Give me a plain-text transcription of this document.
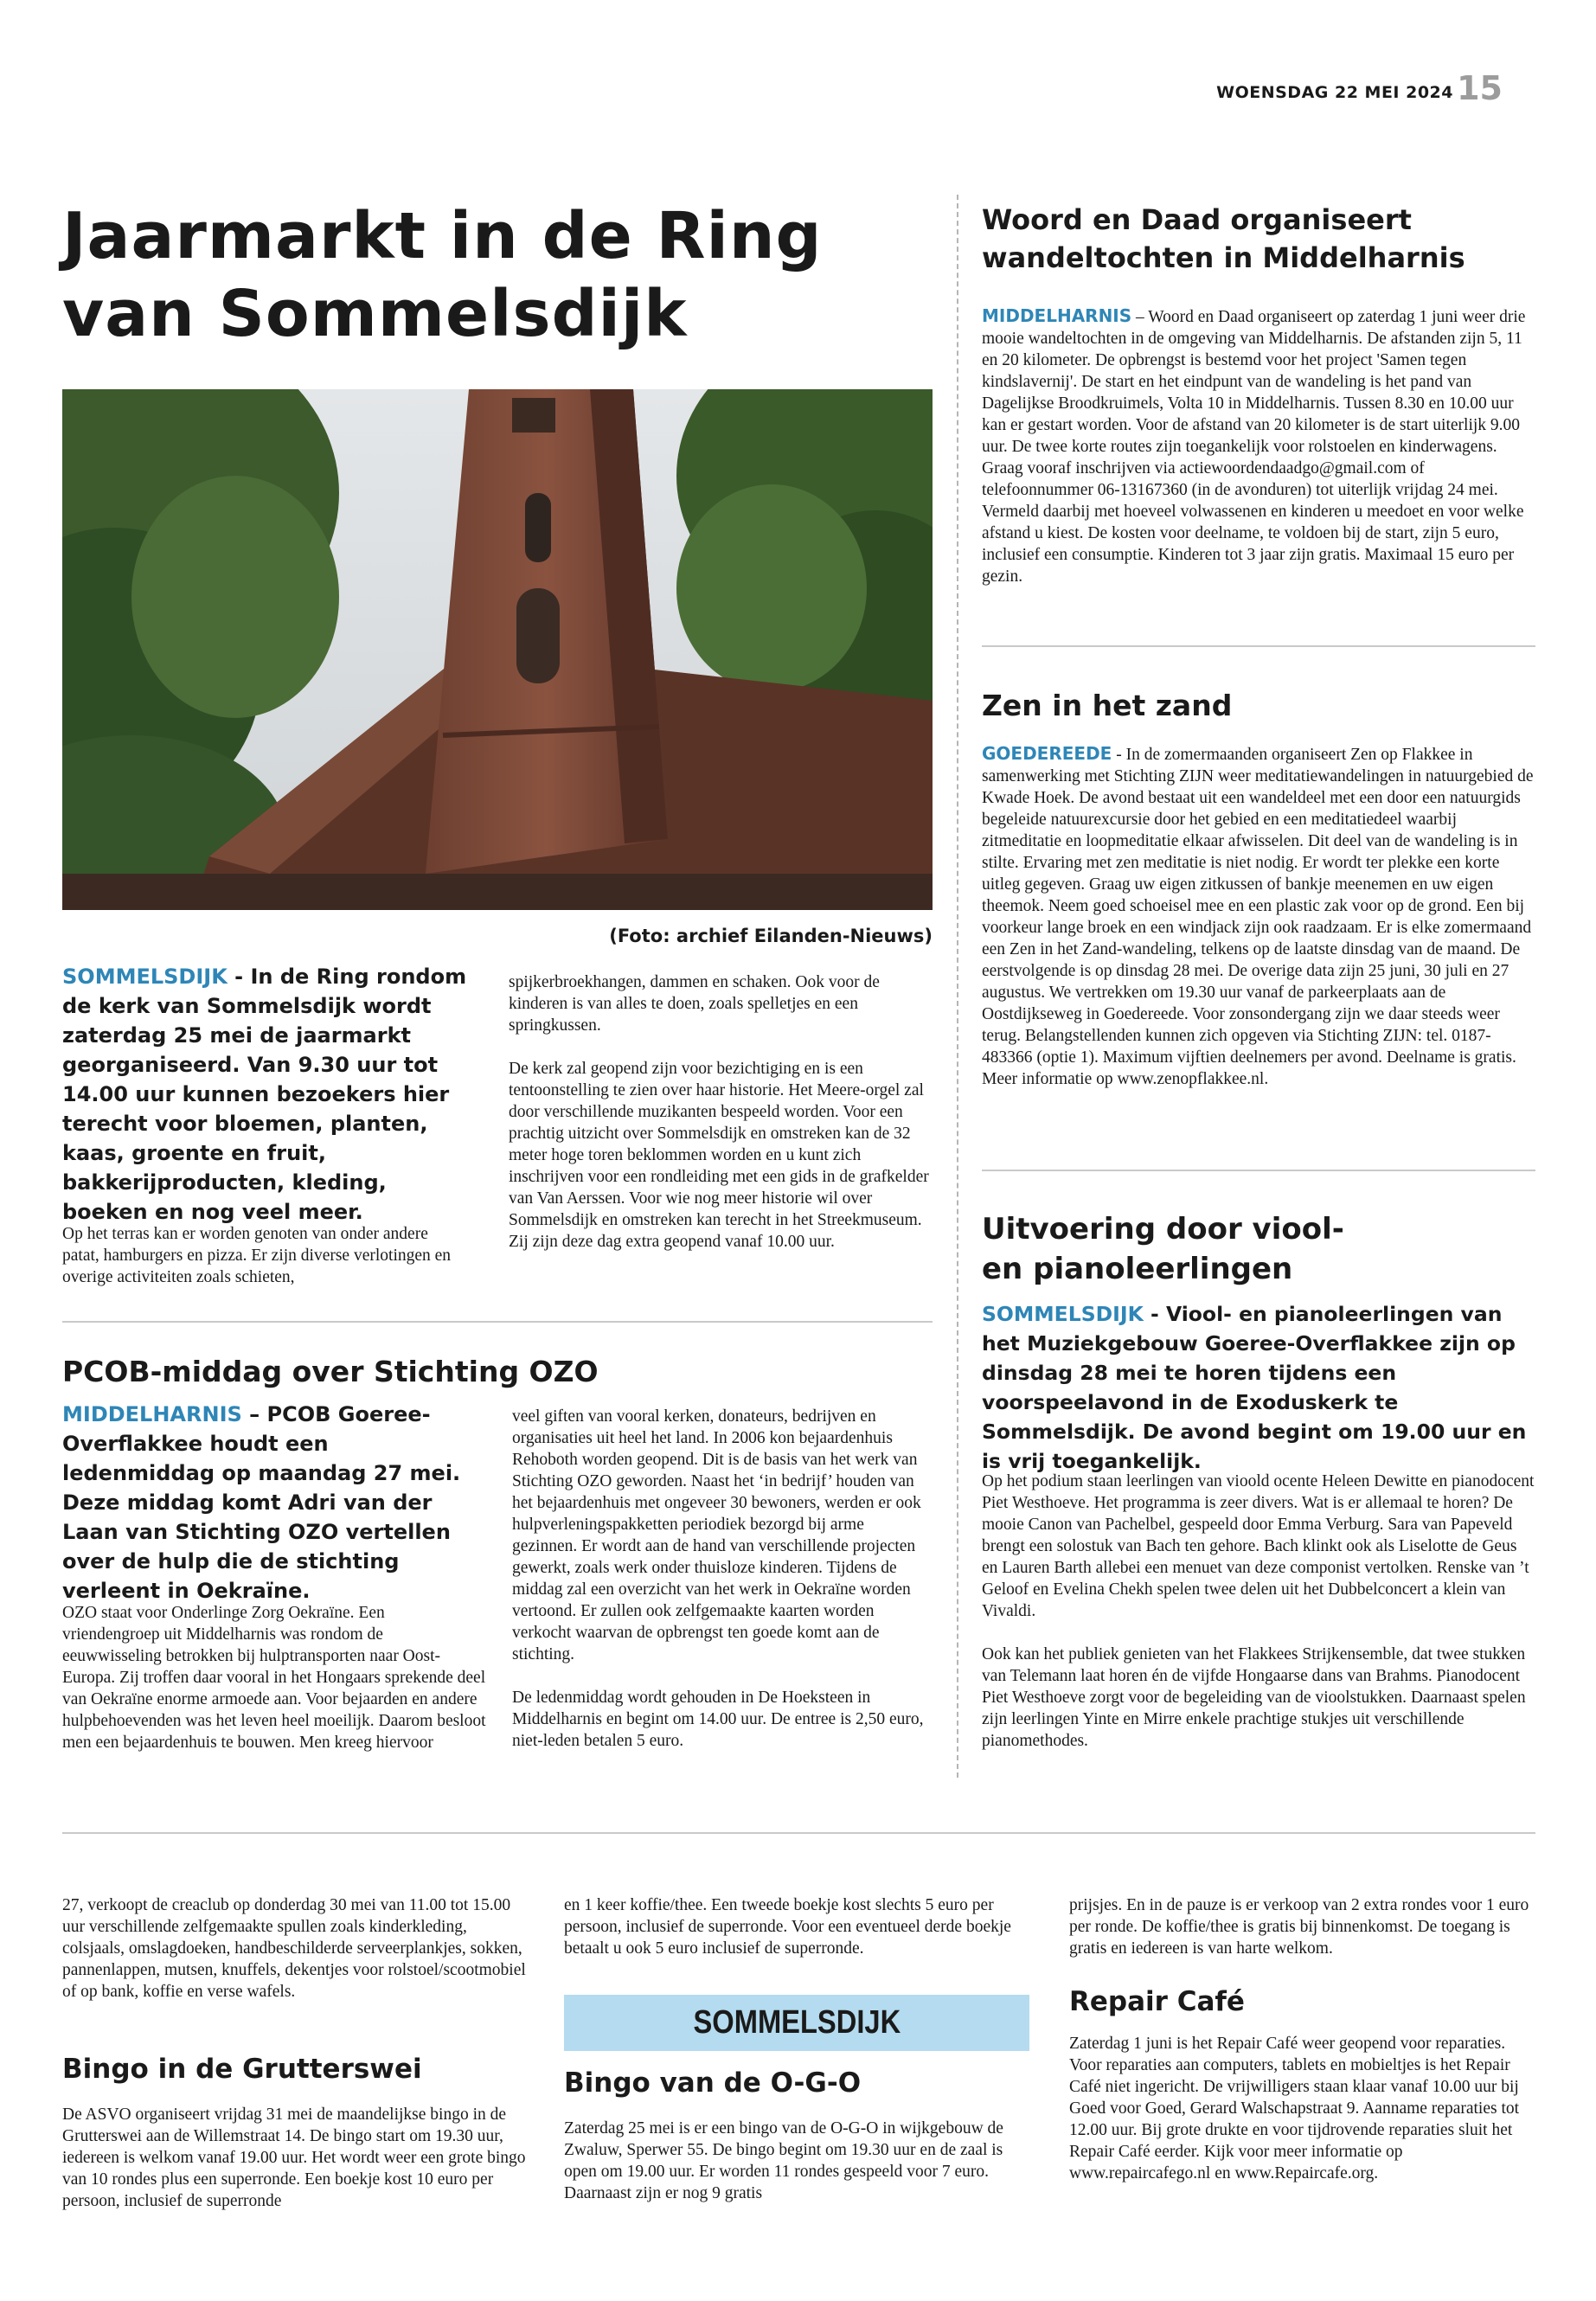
WOENSDAG 22 MEI 2024 15
Jaarmarkt in de Ring
van Sommelsdijk
(Foto: archief Eilanden-Nieuws)
SOMMELSDIJK - In de Ring rondom de kerk van Sommelsdijk wordt zaterdag 25 mei de jaarmarkt georganiseerd. Van 9.30 uur tot 14.00 uur kunnen bezoekers hier terecht voor bloemen, planten, kaas, groente en fruit, bakkerijproducten, kleding, boeken en nog veel meer.
Op het terras kan er worden genoten van onder andere patat, hamburgers en pizza. Er zijn diverse verlotingen en overige activiteiten zoals schieten,

spijkerbroekhangen, dammen en schaken. Ook voor de kinderen is van alles te doen, zoals spelletjes en een springkussen.

De kerk zal geopend zijn voor bezichtiging en is een tentoonstelling te zien over haar historie. Het Meere-orgel zal door verschillende muzikanten bespeeld worden. Voor een prachtig uitzicht over Sommelsdijk en omstreken kan de 32 meter hoge toren beklommen worden en u kunt zich inschrijven voor een rondleiding met een gids in de grafkelder van Van Aerssen. Voor wie nog meer historie wil over Sommelsdijk en omstreken kan terecht in het Streekmuseum. Zij zijn deze dag extra geopend vanaf 10.00 uur.

PCOB-middag over Stichting OZO
MIDDELHARNIS – PCOB Goeree-Overflakkee houdt een ledenmiddag op maandag 27 mei. Deze middag komt Adri van der Laan van Stichting OZO vertellen over de hulp die de stichting verleent in Oekraïne.
OZO staat voor Onderlinge Zorg Oekraïne. Een vriendengroep uit Middelharnis was rondom de eeuwwisseling betrokken bij hulptransporten naar Oost-Europa. Zij troffen daar vooral in het Hongaars sprekende deel van Oekraïne enorme armoede aan. Voor bejaarden en andere hulpbehoevenden was het leven heel moeilijk. Daarom besloot men een bejaardenhuis te bouwen. Men kreeg hiervoor

veel giften van vooral kerken, donateurs, bedrijven en organisaties uit heel het land. In 2006 kon bejaardenhuis Rehoboth worden geopend. Dit is de basis van het werk van Stichting OZO geworden. Naast het ‘in bedrijf’ houden van het bejaardenhuis met ongeveer 30 bewoners, werden er ook hulpverleningspakketten periodiek bezorgd bij arme gezinnen. Er wordt aan de hand van verschillende projecten gewerkt, zoals werk onder thuisloze kinderen. Tijdens de middag zal een overzicht van het werk in Oekraïne worden vertoond. Er zullen ook zelfgemaakte kaarten worden verkocht waarvan de opbrengst ten goede komt aan de stichting.

De ledenmiddag wordt gehouden in De Hoeksteen in Middelharnis en begint om 14.00 uur. De entree is 2,50 euro, niet-leden betalen 5 euro.

Woord en Daad organiseert
wandeltochten in Middelharnis
MIDDELHARNIS – Woord en Daad organiseert op zaterdag 1 juni weer drie mooie wandeltochten in de omgeving van Middelharnis. De afstanden zijn 5, 11 en 20 kilometer. De opbrengst is bestemd voor het project 'Samen tegen kindslavernij'. De start en het eindpunt van de wandeling is het pand van Dagelijkse Broodkruimels, Volta 10 in Middelharnis. Tussen 8.30 en 10.00 uur kan er gestart worden. Voor de afstand van 20 kilometer is de start uiterlijk 9.00 uur. De twee korte routes zijn toegankelijk voor rolstoelen en kinderwagens. Graag vooraf inschrijven via actiewoordendaadgo@gmail.com of telefoonnummer 06-13167360 (in de avonduren) tot uiterlijk vrijdag 24 mei. Vermeld daarbij met hoeveel volwassenen en kinderen u meedoet en voor welke afstand u kiest. De kosten voor deelname, te voldoen bij de start, zijn 5 euro, inclusief een consumptie. Kinderen tot 3 jaar zijn gratis. Maximaal 15 euro per gezin.
Zen in het zand
GOEDEREEDE - In de zomermaanden organiseert Zen op Flakkee in samenwerking met Stichting ZIJN weer meditatiewandelingen in natuurgebied de Kwade Hoek. De avond bestaat uit een wandeldeel met een door een natuurgids begeleide natuurexcursie door het gebied en een meditatiedeel waarbij zitmeditatie en loopmeditatie elkaar afwisselen. Dit deel van de wandeling is in stilte. Ervaring met zen meditatie is niet nodig. Er wordt ter plekke een korte uitleg gegeven. Graag uw eigen zitkussen of bankje meenemen en uw eigen theemok. Neem goed schoeisel mee en een plastic zak voor op de grond. Een bij voorkeur lange broek en een windjack zijn ook raadzaam. Er is elke zomermaand een Zen in het Zand-wandeling, telkens op de laatste dinsdag van de maand. De eerstvolgende is op dinsdag 28 mei. De overige data zijn 25 juni, 30 juli en 27 augustus. We vertrekken om 19.30 uur vanaf de parkeerplaats aan de Oostdijkseweg in Goedereede. Voor zonsondergang zijn we daar steeds weer terug. Belangstellenden kunnen zich opgeven via Stichting ZIJN: tel. 0187-483366 (optie 1). Maximum vijftien deelnemers per avond. Deelname is gratis. Meer informatie op www.zenopflakkee.nl.
Uitvoering door viool-
en pianoleerlingen
SOMMELSDIJK - Viool- en pianoleerlingen van het Muziekgebouw Goeree-Overflakkee zijn op dinsdag 28 mei te horen tijdens een voorspeelavond in de Exoduskerk te Sommelsdijk. De avond begint om 19.00 uur en is vrij toegankelijk.

Op het podium staan leerlingen van vioold ocente Heleen Dewitte en pianodocent Piet Westhoeve. Het programma is zeer divers. Wat is er allemaal te horen? De mooie Canon van Pachelbel, gespeeld door Emma Verburg. Sara van Papeveld brengt een solostuk van Bach ten gehore. Bach klinkt ook als Liselotte de Geus en Lauren Barth allebei een menuet van deze componist vertolken. Renske van ’t Geloof en Evelina Chekh spelen twee delen uit het Dubbelconcert a klein van Vivaldi.

Ook kan het publiek genieten van het Flakkees Strijkensemble, dat twee stukken van Telemann laat horen én de vijfde Hongaarse dans van Brahms. Pianodocent Piet Westhoeve zorgt voor de begeleiding van de vioolstukken. Daarnaast spelen zijn leerlingen Yinte en Mirre enkele prachtige stukjes uit verschillende pianomethodes.

27, verkoopt de creaclub op donderdag 30 mei van 11.00 tot 15.00 uur verschillende zelfgemaakte spullen zoals kinderkleding, colsjaals, omslagdoeken, handbeschilderde serveerplankjes, sokken, pannenlappen, mutsen, knuffels, dekentjes voor rolstoel/scootmobiel of op bank, koffie en verse wafels.
Bingo in de Grutterswei
De ASVO organiseert vrijdag 31 mei de maandelijkse bingo in de Grutterswei aan de Willemstraat 14. De bingo start om 19.30 uur, iedereen is welkom vanaf 19.00 uur. Het wordt weer een grote bingo van 10 rondes plus een superronde. Een boekje kost 10 euro per persoon, inclusief de superronde
en 1 keer koffie/thee. Een tweede boekje kost slechts 5 euro per persoon, inclusief de superronde. Voor een eventueel derde boekje betaalt u ook 5 euro inclusief de superronde.
SOMMELSDIJK
Bingo van de O-G-O
Zaterdag 25 mei is er een bingo van de O-G-O in wijkgebouw de Zwaluw, Sperwer 55. De bingo begint om 19.30 uur en de zaal is open om 19.00 uur. Er worden 11 rondes gespeeld voor 7 euro. Daarnaast zijn er nog 9 gratis
prijsjes. En in de pauze is er verkoop van 2 extra rondes voor 1 euro per ronde. De koffie/thee is gratis bij binnenkomst. De toegang is gratis en iedereen is van harte welkom.
Repair Café
Zaterdag 1 juni is het Repair Café weer geopend voor reparaties. Voor reparaties aan computers, tablets en mobieltjes is het Repair Café niet ingericht. De vrijwilligers staan klaar vanaf 10.00 uur bij Goed voor Goed, Gerard Walschapstraat 9. Aanname reparaties tot 12.00 uur. Bij grote drukte en voor tijdrovende reparaties sluit het Repair Café eerder. Kijk voor meer informatie op www.repaircafego.nl en www.Repaircafe.org.
